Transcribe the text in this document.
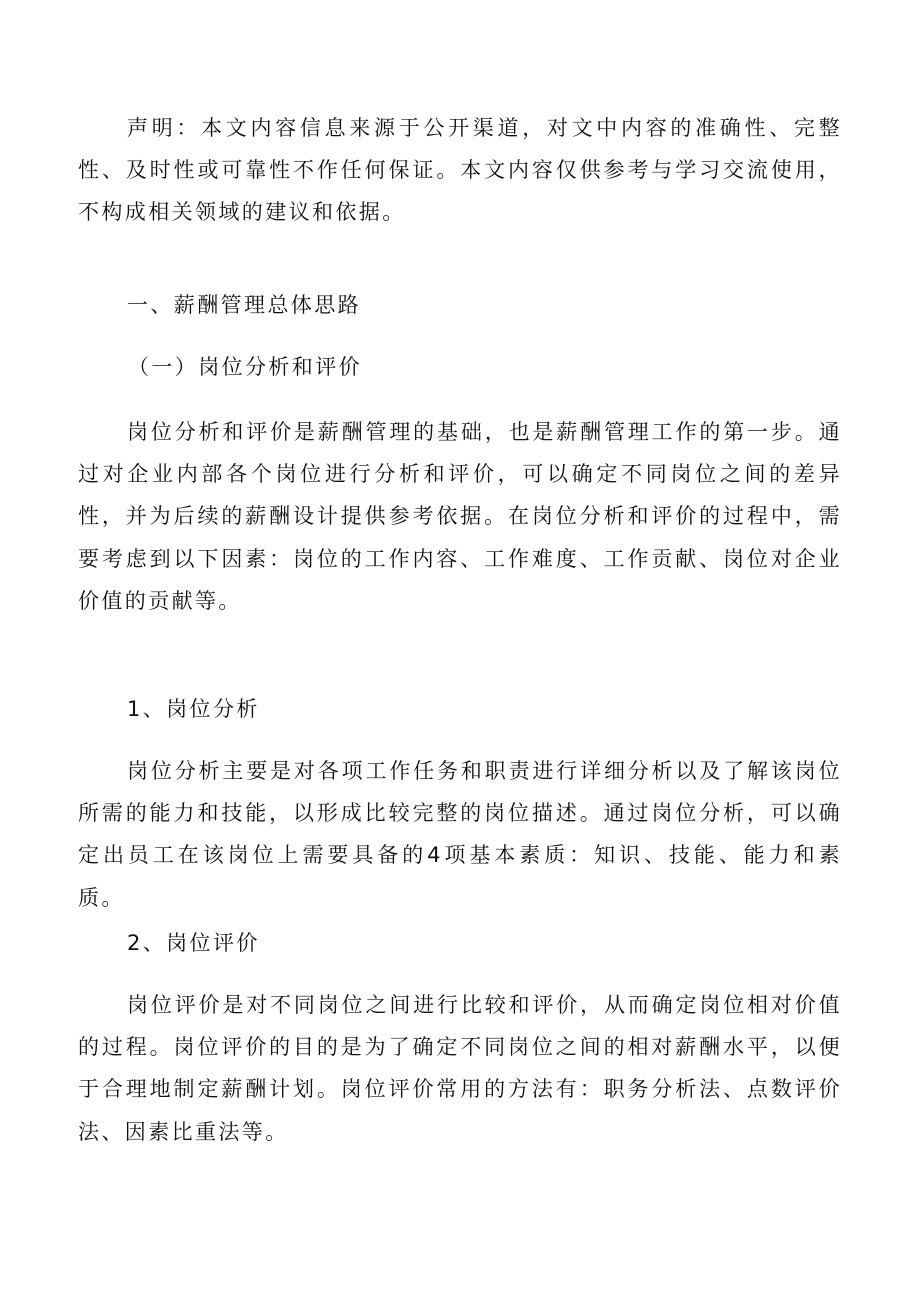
声明：本文内容信息来源于公开渠道，对文中内容的准确性、完整性、及时性或可靠性不作任何保证。本文内容仅供参考与学习交流使用，不构成相关领域的建议和依据。

一、薪酬管理总体思路
（一）岗位分析和评价

岗位分析和评价是薪酬管理的基础，也是薪酬管理工作的第一步。通过对企业内部各个岗位进行分析和评价，可以确定不同岗位之间的差异性，并为后续的薪酬设计提供参考依据。在岗位分析和评价的过程中，需要考虑到以下因素：岗位的工作内容、工作难度、工作贡献、岗位对企业价值的贡献等。

1、岗位分析

岗位分析主要是对各项工作任务和职责进行详细分析以及了解该岗位所需的能力和技能，以形成比较完整的岗位描述。通过岗位分析，可以确定出员工在该岗位上需要具备的4项基本素质：知识、技能、能力和素质。

2、岗位评价

岗位评价是对不同岗位之间进行比较和评价，从而确定岗位相对价值的过程。岗位评价的目的是为了确定不同岗位之间的相对薪酬水平，以便于合理地制定薪酬计划。岗位评价常用的方法有：职务分析法、点数评价法、因素比重法等。
